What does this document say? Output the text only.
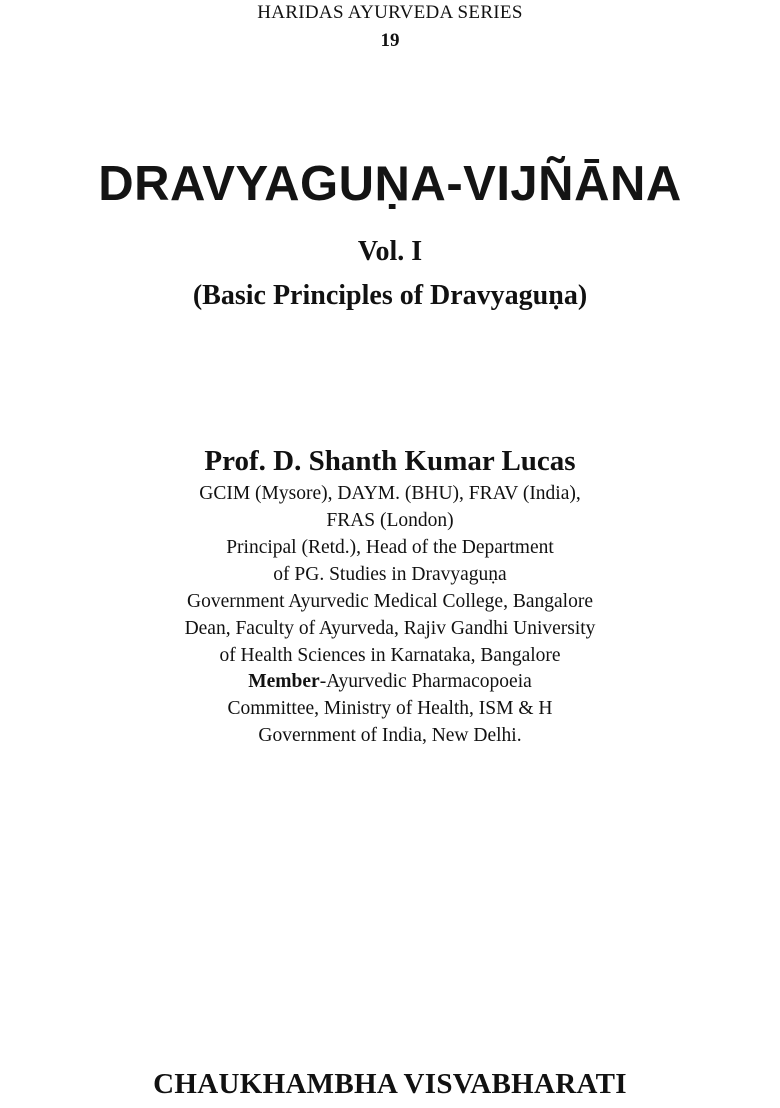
HARIDAS AYURVEDA SERIES
19
DRAVYAGUṆA-VIJÑĀNA
Vol. I
(Basic Principles of Dravyaguṇa)
Prof. D. Shanth Kumar Lucas
GCIM (Mysore), DAYM. (BHU), FRAV (India),
FRAS (London)
Principal (Retd.), Head of the Department
of PG. Studies in Dravyaguṇa
Government Ayurvedic Medical College, Bangalore
Dean, Faculty of Ayurveda, Rajiv Gandhi University
of Health Sciences in Karnataka, Bangalore
Member-Ayurvedic Pharmacopoeia
Committee, Ministry of Health, ISM & H
Government of India, New Delhi.
CHAUKHAMBHA VISVABHARATI
